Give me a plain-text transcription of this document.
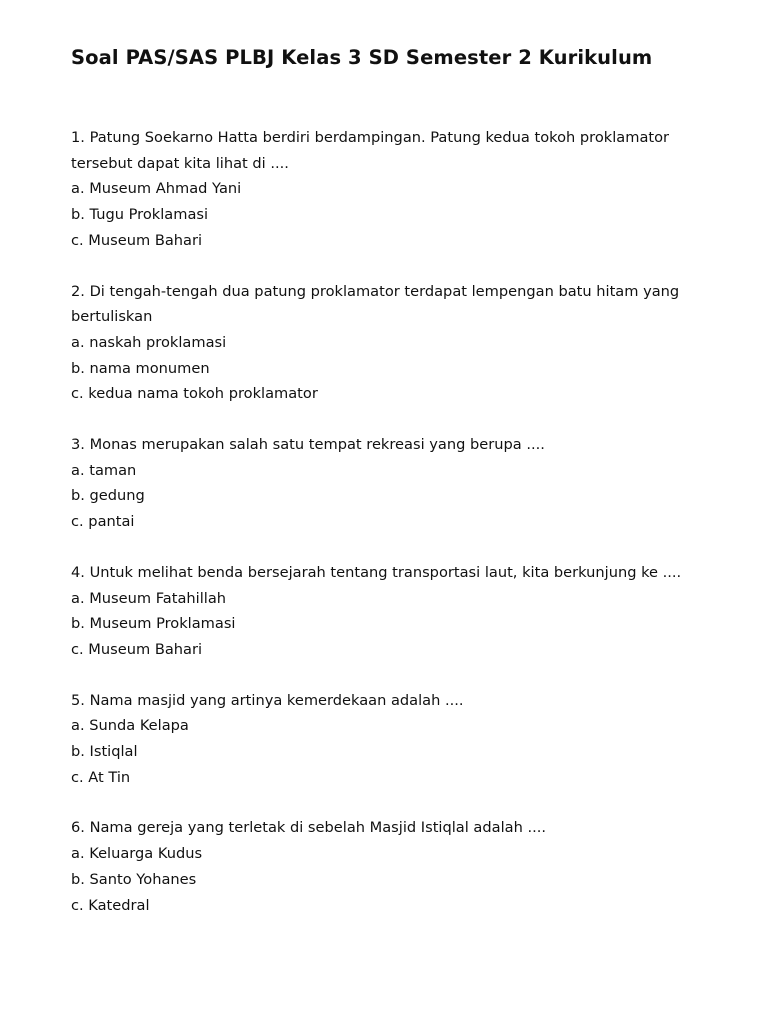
Soal PAS/SAS PLBJ Kelas 3 SD Semester 2 Kurikulum

1. Patung Soekarno Hatta berdiri berdampingan. Patung kedua tokoh proklamator

tersebut dapat kita lihat di ....

a. Museum Ahmad Yani
b. Tugu Proklamasi
c. Museum Bahari

2. Di tengah-tengah dua patung proklamator terdapat lempengan batu hitam yang

bertuliskan

a. naskah proklamasi
b. nama monumen
c. kedua nama tokoh proklamator

3. Monas merupakan salah satu tempat rekreasi yang berupa ....

a. taman
b. gedung
c. pantai

4. Untuk melihat benda bersejarah tentang transportasi laut, kita berkunjung ke ....

a. Museum Fatahillah
b. Museum Proklamasi
c. Museum Bahari

5. Nama masjid yang artinya kemerdekaan adalah ....

a. Sunda Kelapa
b. Istiqlal
c. At Tin

6. Nama gereja yang terletak di sebelah Masjid Istiqlal adalah ....

a. Keluarga Kudus
b. Santo Yohanes
c. Katedral
